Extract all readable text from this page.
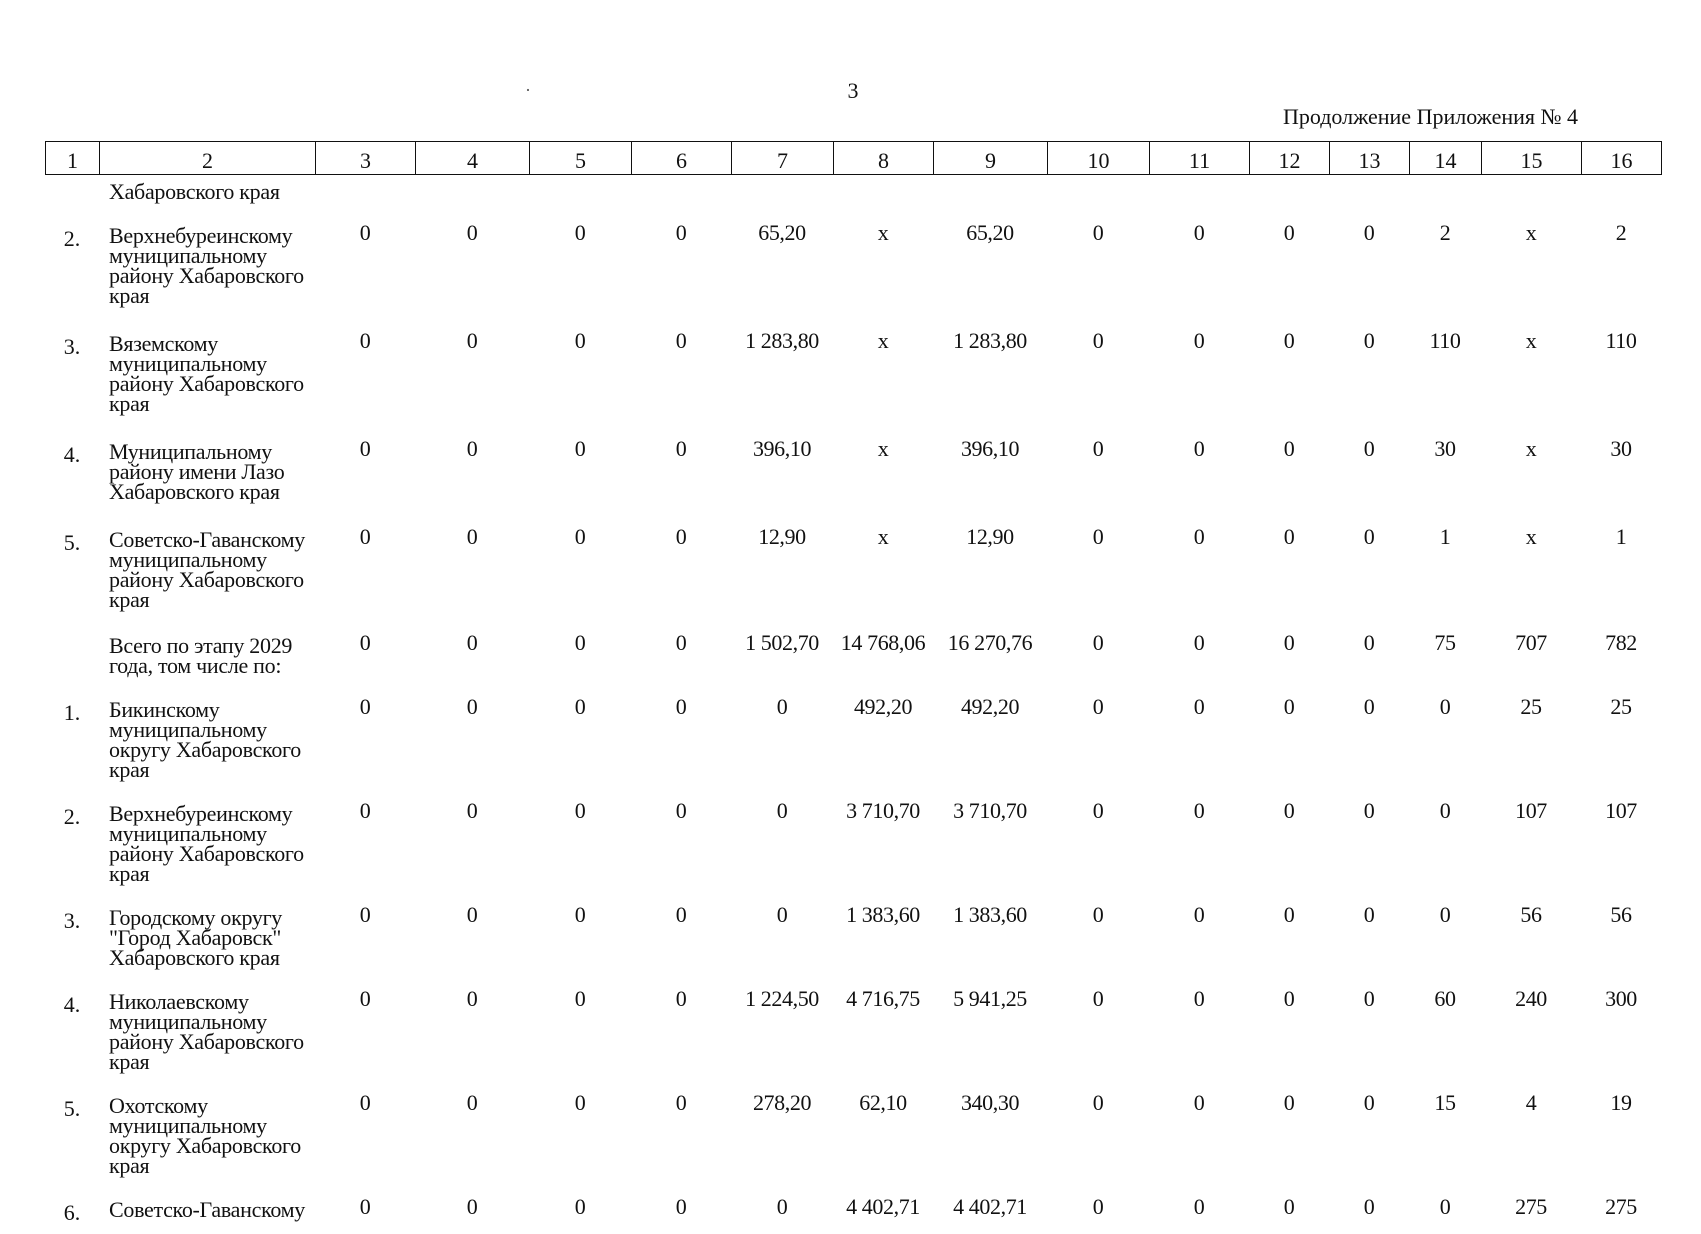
3
·
Продолжение Приложения № 4
1	2	3	4	5	6	7	8	9	10	11	12	13	14	15	16
	Хабаровского края														
2.	Верхнебуреинскому муниципальному району Хабаровского края	0	0	0	0	65,20	х	65,20	0	0	0	0	2	х	2
3.	Вяземскому муниципальному району Хабаровского края	0	0	0	0	1 283,80	х	1 283,80	0	0	0	0	110	х	110
4.	Муниципальному району имени Лазо Хабаровского края	0	0	0	0	396,10	х	396,10	0	0	0	0	30	х	30
5.	Советско-Гаванскому муниципальному району Хабаровского края	0	0	0	0	12,90	х	12,90	0	0	0	0	1	х	1
	Всего по этапу 2029 года, том числе по:	0	0	0	0	1 502,70	14 768,06	16 270,76	0	0	0	0	75	707	782
1.	Бикинскому муниципальному округу Хабаровского края	0	0	0	0	0	492,20	492,20	0	0	0	0	0	25	25
2.	Верхнебуреинскому муниципальному району Хабаровского края	0	0	0	0	0	3 710,70	3 710,70	0	0	0	0	0	107	107
3.	Городскому округу "Город Хабаровск" Хабаровского края	0	0	0	0	0	1 383,60	1 383,60	0	0	0	0	0	56	56
4.	Николаевскому муниципальному району Хабаровского края	0	0	0	0	1 224,50	4 716,75	5 941,25	0	0	0	0	60	240	300
5.	Охотскому муниципальному округу Хабаровского края	0	0	0	0	278,20	62,10	340,30	0	0	0	0	15	4	19
6.	Советско-Гаванскому	0	0	0	0	0	4 402,71	4 402,71	0	0	0	0	0	275	275
